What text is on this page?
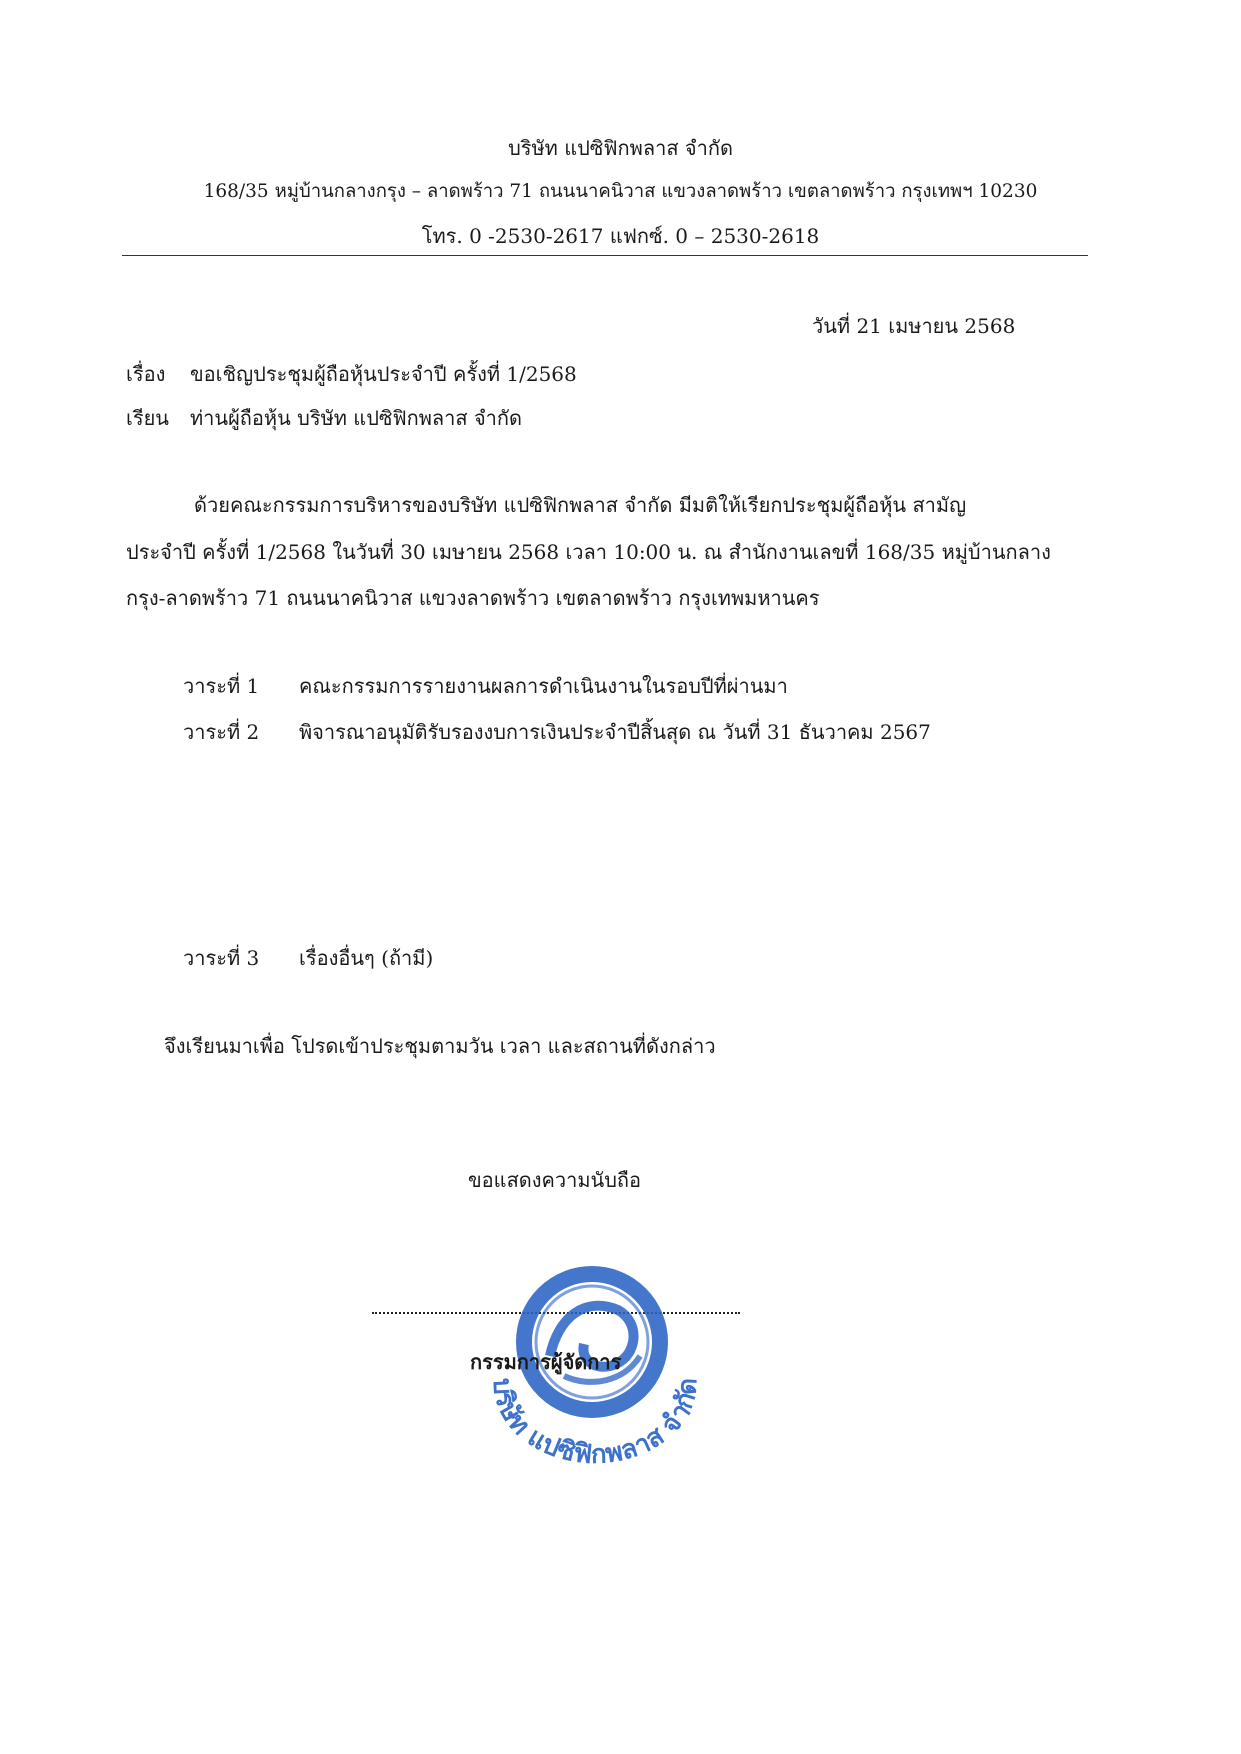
บริษัท แปซิฟิกพลาส จำกัด
168/35 หมู่บ้านกลางกรุง – ลาดพร้าว 71 ถนนนาคนิวาส แขวงลาดพร้าว เขตลาดพร้าว กรุงเทพฯ 10230
โทร. 0 -2530-2617 แฟกซ์. 0 – 2530-2618
วันที่ 21 เมษายน 2568
เรื่อง ขอเชิญประชุมผู้ถือหุ้นประจำปี ครั้งที่ 1/2568
เรียน ท่านผู้ถือหุ้น บริษัท แปซิฟิกพลาส จำกัด
ด้วยคณะกรรมการบริหารของบริษัท แปซิฟิกพลาส จำกัด มีมติให้เรียกประชุมผู้ถือหุ้น สามัญ
ประจำปี ครั้งที่ 1/2568 ในวันที่ 30 เมษายน 2568 เวลา 10:00 น. ณ สำนักงานเลขที่ 168/35 หมู่บ้านกลาง
กรุง-ลาดพร้าว 71 ถนนนาคนิวาส แขวงลาดพร้าว เขตลาดพร้าว กรุงเทพมหานคร
วาระที่ 1 คณะกรรมการรายงานผลการดำเนินงานในรอบปีที่ผ่านมา
วาระที่ 2 พิจารณาอนุมัติรับรองงบการเงินประจำปีสิ้นสุด ณ วันที่ 31 ธันวาคม 2567
วาระที่ 3 เรื่องอื่นๆ (ถ้ามี)
จึงเรียนมาเพื่อ โปรดเข้าประชุมตามวัน เวลา และสถานที่ดังกล่าว
ขอแสดงความนับถือ
บริษัท แปซิฟิกพลาส จำกัด
กรรมการผู้จัดการ
